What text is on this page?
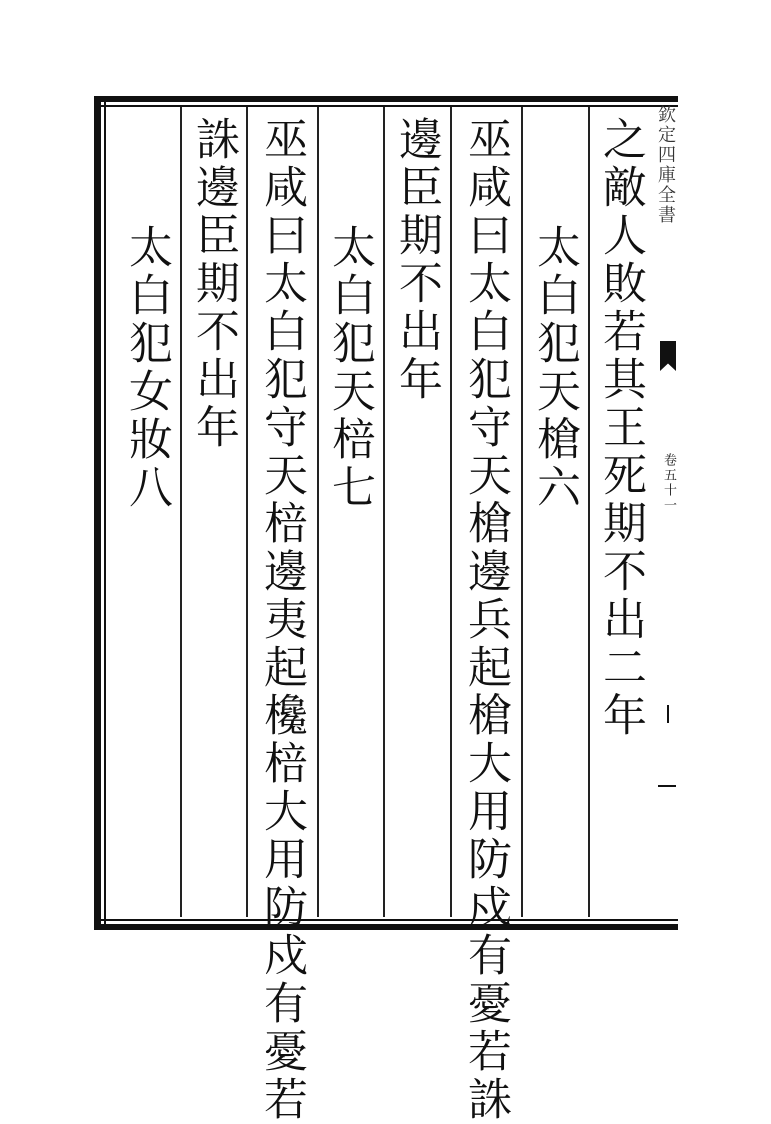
欽定四庫全書
卷五十一
之敵人敗若其王死期不出二年
太白犯天槍六
巫咸曰太白犯守天槍邊兵起槍大用防戍有憂若誅
邊臣期不出年
太白犯天棓七
巫咸曰太白犯守天棓邊夷起欃棓大用防戍有憂若
誅邊臣期不出年
太白犯女妝八
